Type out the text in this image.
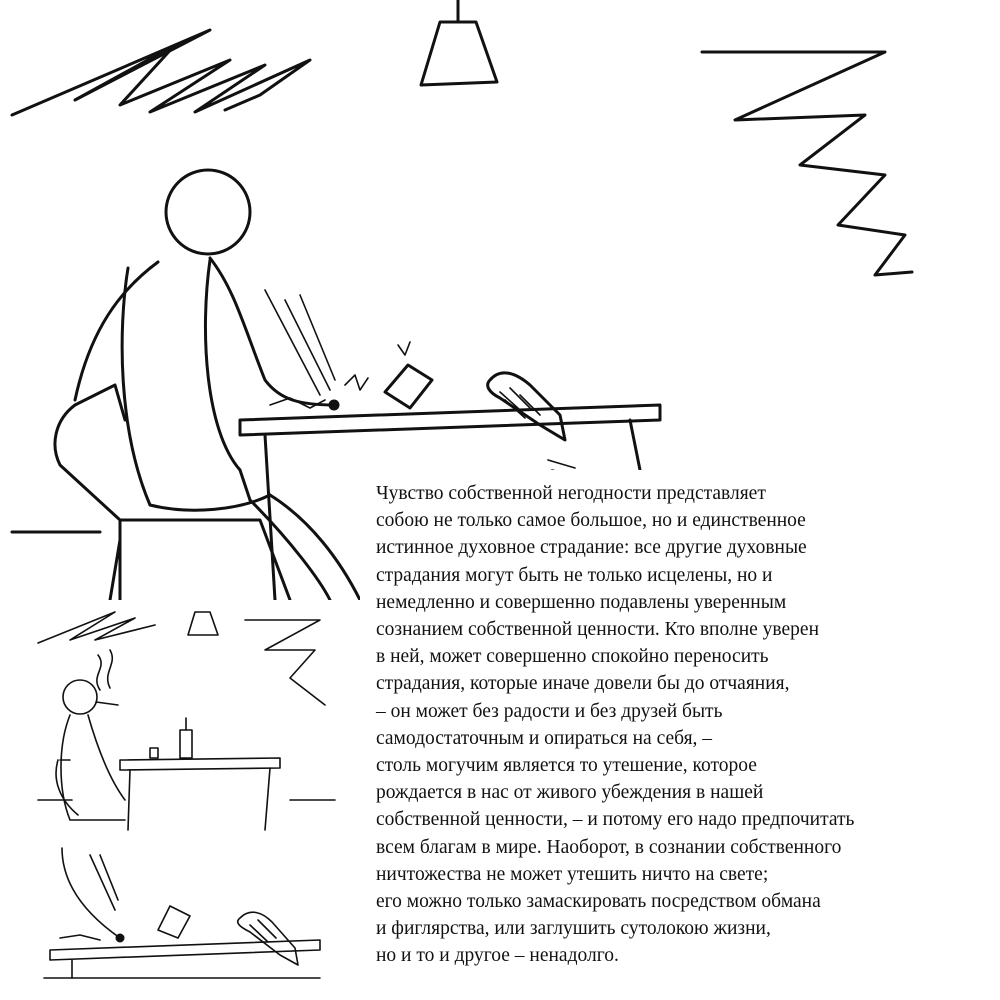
Чувство собственной негодности представляет
собою не только самое большое, но и единственное
истинное духовное страдание: все другие духовные
страдания могут быть не только исцелены, но и
немедленно и совершенно подавлены уверенным
сознанием собственной ценности. Кто вполне уверен
в ней, может совершенно спокойно переносить
страдания, которые иначе довели бы до отчаяния,
– он может без радости и без друзей быть
самодостаточным и опираться на себя, –
столь могучим является то утешение, которое
рождается в нас от живого убеждения в нашей
собственной ценности, – и потому его надо предпочитать
всем благам в мире. Наоборот, в сознании собственного
ничтожества не может утешить ничто на свете;
его можно только замаскировать посредством обмана
и фиглярства, или заглушить сутолокою жизни,
но и то и другое – ненадолго.
